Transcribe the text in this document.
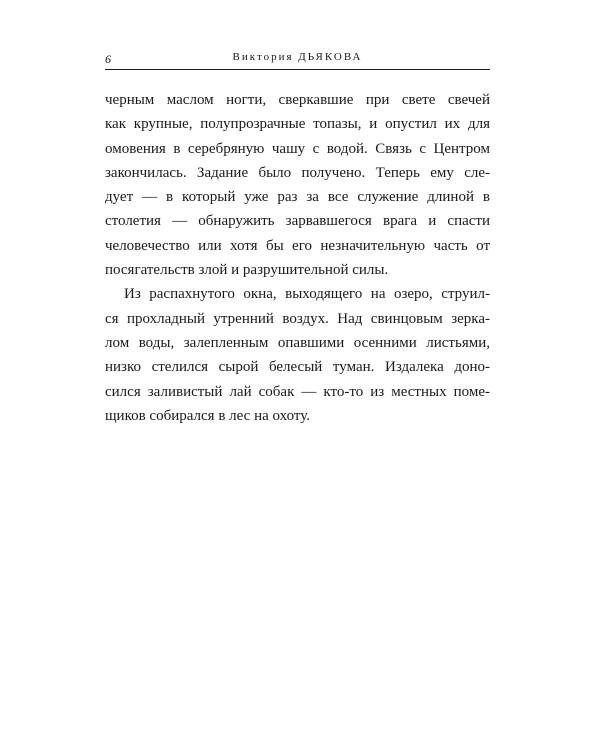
6	Виктория ДЬЯКОВА
черным маслом ногти, сверкавшие при свете свечей
как крупные, полупрозрачные топазы, и опустил их для
омовения в серебряную чашу с водой. Связь с Центром
закончилась. Задание было получено. Теперь ему сле-
дует — в который уже раз за все служение длиной в
столетия — обнаружить зарвавшегося врага и спасти
человечество или хотя бы его незначительную часть от
посягательств злой и разрушительной силы.
Из распахнутого окна, выходящего на озеро, струил-
ся прохладный утренний воздух. Над свинцовым зерка-
лом воды, залепленным опавшими осенними листьями,
низко стелился сырой белесый туман. Издалека доно-
сился заливистый лай собак — кто-то из местных поме-
щиков собирался в лес на охоту.
